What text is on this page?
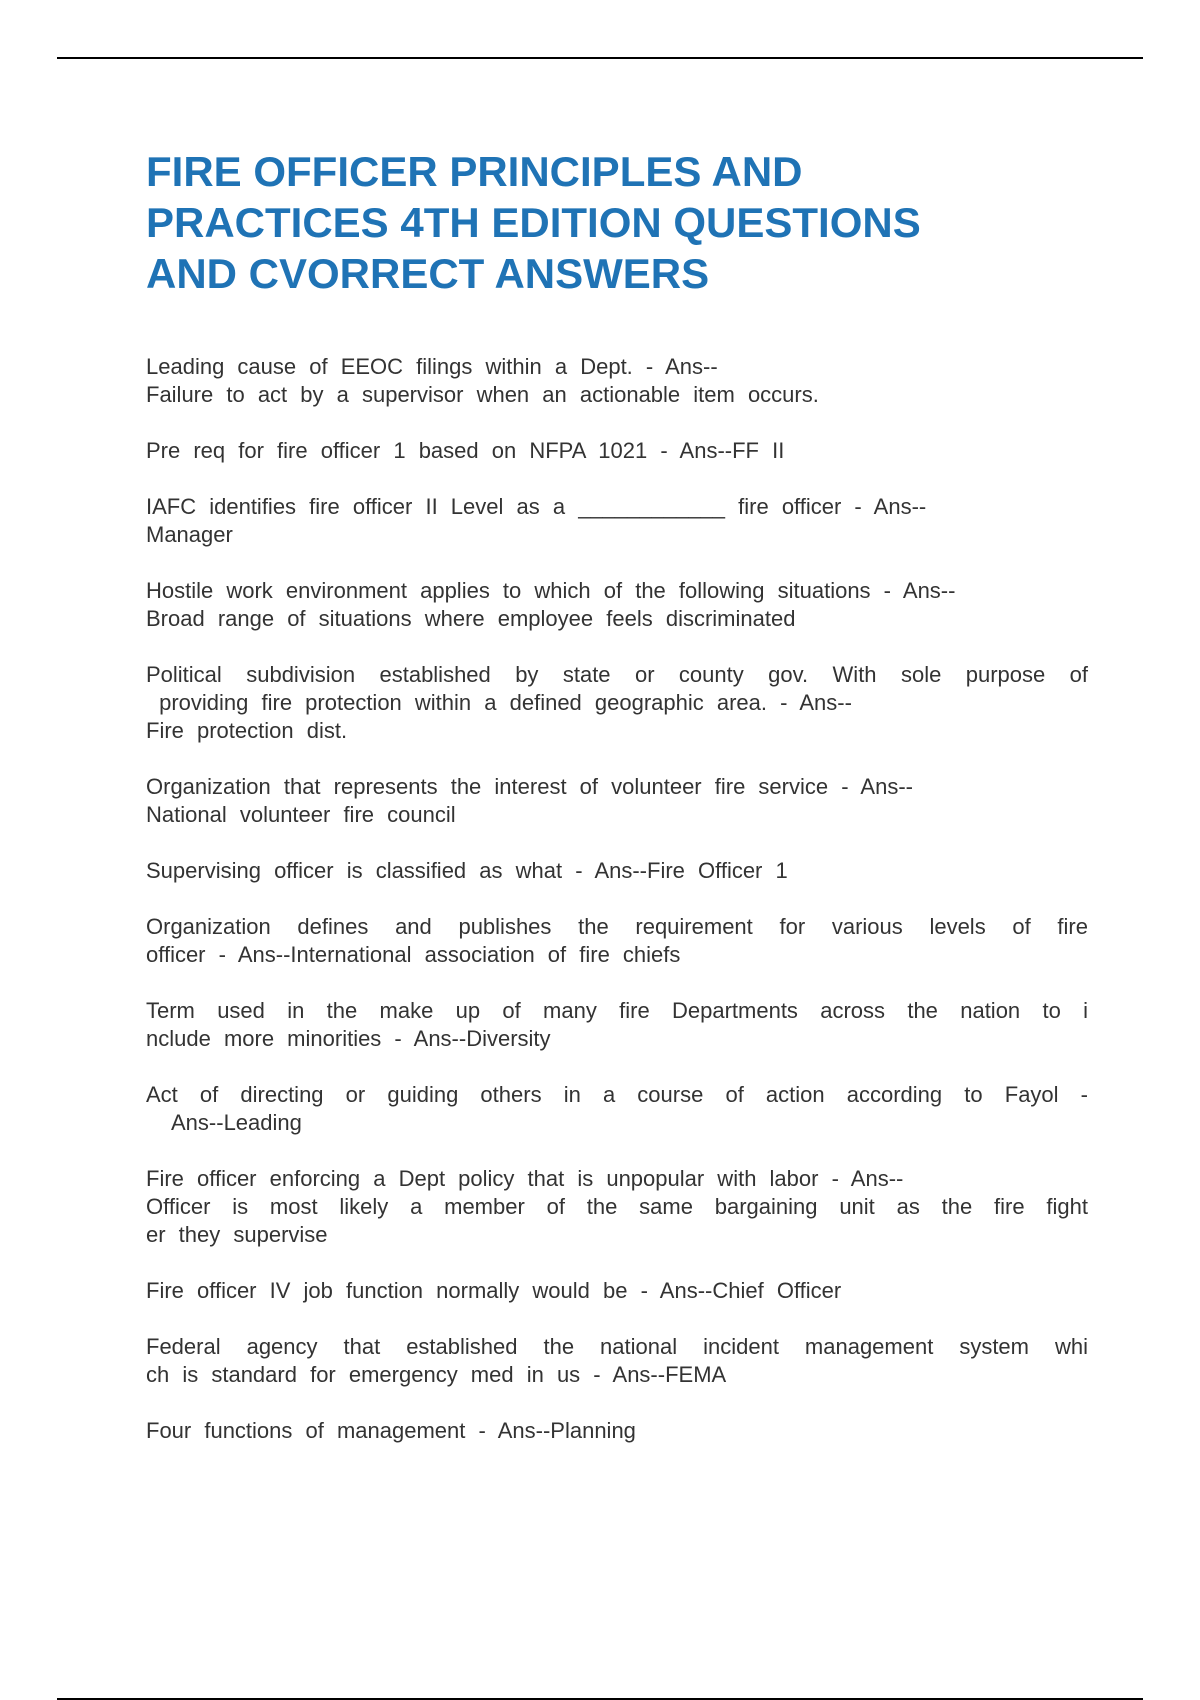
FIRE OFFICER PRINCIPLES AND
PRACTICES 4TH EDITION QUESTIONS
AND CVORRECT ANSWERS
Leading cause of EEOC filings within a Dept. - Ans--
Failure to act by a supervisor when an actionable item occurs.
Pre req for fire officer 1 based on NFPA 1021 - Ans--FF II
IAFC identifies fire officer II Level as a ____________ fire officer - Ans--
Manager
Hostile work environment applies to which of the following situations - Ans--
Broad range of situations where employee feels discriminated
Political subdivision established by state or county gov. With sole purpose of
providing fire protection within a defined geographic area. - Ans--
Fire protection dist.
Organization that represents the interest of volunteer fire service - Ans--
National volunteer fire council
Supervising officer is classified as what - Ans--Fire Officer 1
Organization defines and publishes the requirement for various levels of fire
officer - Ans--International association of fire chiefs
Term used in the make up of many fire Departments across the nation to i
nclude more minorities - Ans--Diversity
Act of directing or guiding others in a course of action according to Fayol -
Ans--Leading
Fire officer enforcing a Dept policy that is unpopular with labor - Ans--
Officer is most likely a member of the same bargaining unit as the fire fight
er they supervise
Fire officer IV job function normally would be - Ans--Chief Officer
Federal agency that established the national incident management system whi
ch is standard for emergency med in us - Ans--FEMA
Four functions of management - Ans--Planning
